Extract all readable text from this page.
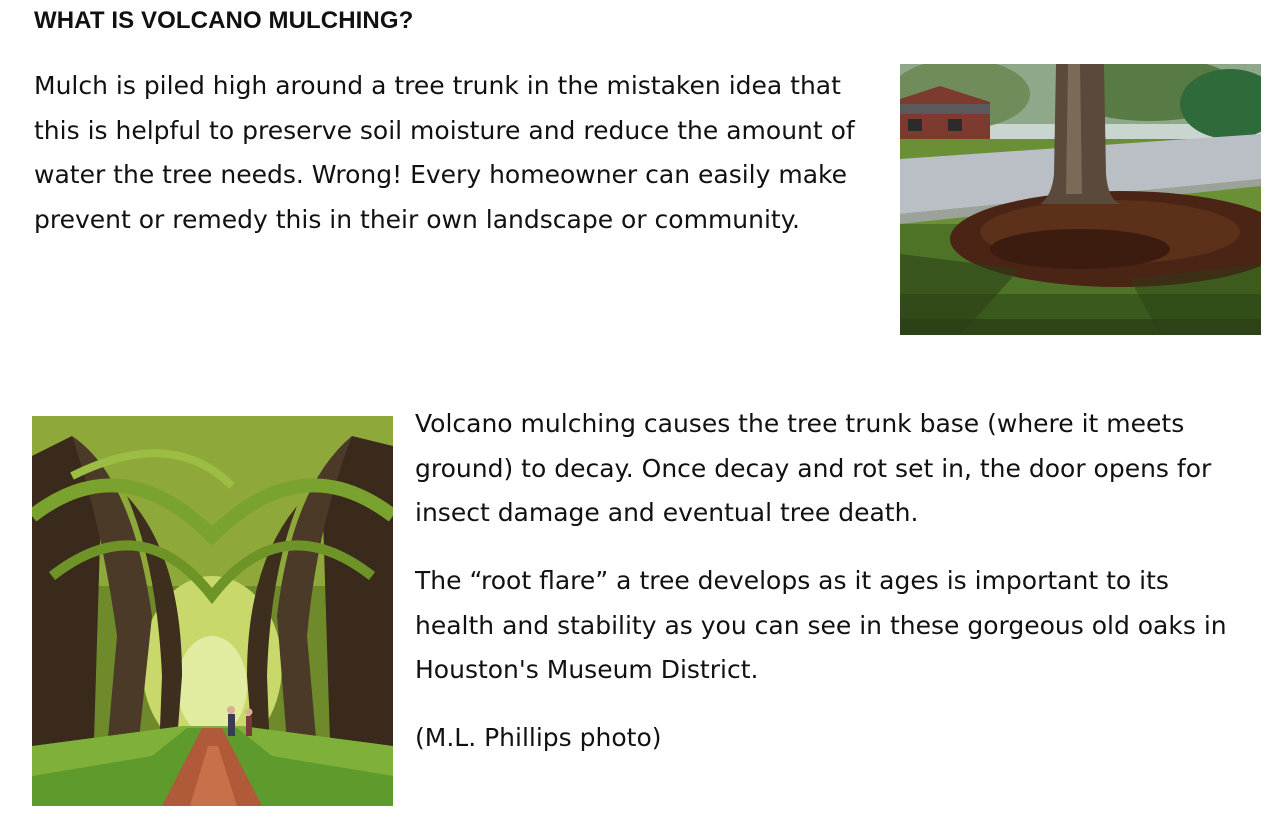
WHAT IS VOLCANO MULCHING?

Mulch is piled high around a tree trunk in the mistaken idea that
this is helpful to preserve soil moisture and reduce the amount of
water the tree needs. Wrong! Every homeowner can easily make
prevent or remedy this in their own landscape or community.

Volcano mulching causes the tree trunk base (where it meets
ground) to decay. Once decay and rot set in, the door opens for
insect damage and eventual tree death.

The “root flare” a tree develops as it ages is important to its
health and stability as you can see in these gorgeous old oaks in
Houston's Museum District.

(M.L. Phillips photo)
